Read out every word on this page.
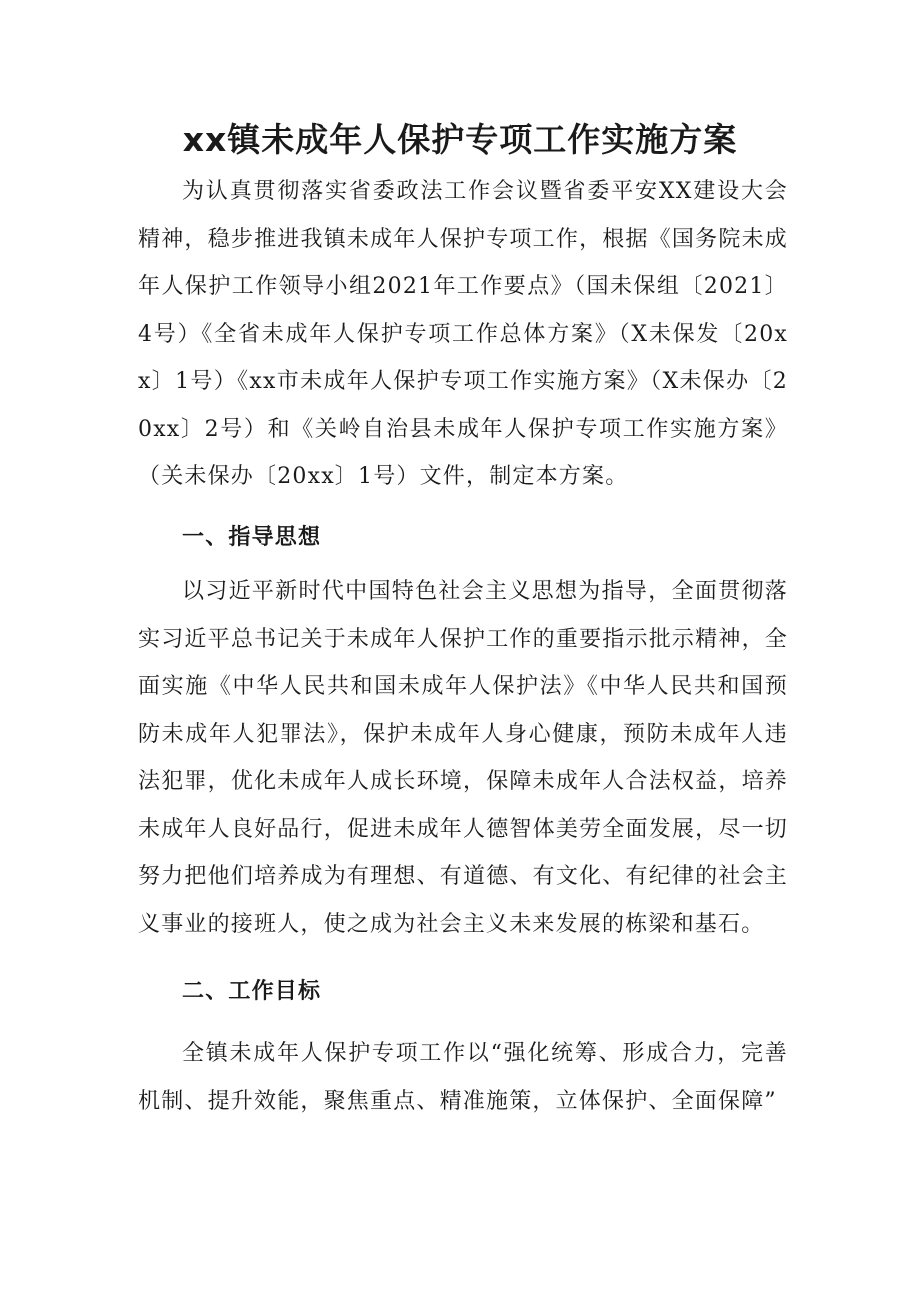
xx镇未成年人保护专项工作实施方案

为认真贯彻落实省委政法工作会议暨省委平安XX建设大会精神，稳步推进我镇未成年人保护专项工作，根据《国务院未成年人保护工作领导小组2021年工作要点》（国未保组〔2021〕4号）《全省未成年人保护专项工作总体方案》（X未保发〔20xx〕1号）《xx市未成年人保护专项工作实施方案》（X未保办〔20xx〕2号）和《关岭自治县未成年人保护专项工作实施方案》（关未保办〔20xx〕1号）文件，制定本方案。

一、指导思想

以习近平新时代中国特色社会主义思想为指导，全面贯彻落实习近平总书记关于未成年人保护工作的重要指示批示精神，全面实施《中华人民共和国未成年人保护法》《中华人民共和国预防未成年人犯罪法》，保护未成年人身心健康，预防未成年人违法犯罪，优化未成年人成长环境，保障未成年人合法权益，培养未成年人良好品行，促进未成年人德智体美劳全面发展，尽一切努力把他们培养成为有理想、有道德、有文化、有纪律的社会主义事业的接班人，使之成为社会主义未来发展的栋梁和基石。

二、工作目标

全镇未成年人保护专项工作以“强化统筹、形成合力，完善机制、提升效能，聚焦重点、精准施策，立体保护、全面保障”
